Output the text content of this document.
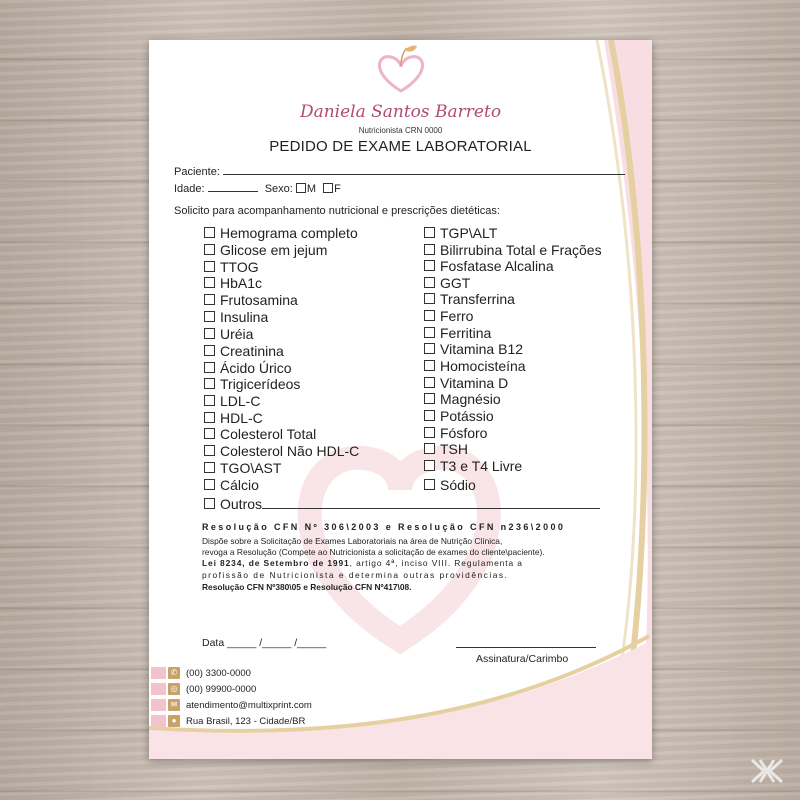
Daniela Santos Barreto
Nutricionista CRN 0000
PEDIDO DE EXAME LABORATORIAL
Paciente:
Idade:	Sexo: M F
Solicito para acompanhamento nutricional e prescrições dietéticas:
Hemograma completo
Glicose em jejum
TTOG
HbA1c
Frutosamina
Insulina
Uréia
Creatinina
Ácido Úrico
Trigicerídeos
LDL-C
HDL-C
Colesterol Total
Colesterol Não HDL-C
TGO\AST
Cálcio
Outros
TGP\ALT
Bilirrubina Total e Frações
Fosfatase Alcalina
GGT
Transferrina
Ferro
Ferritina
Vitamina B12
Homocisteína
Vitamina D
Magnésio
Potássio
Fósforo
TSH
T3 e T4 Livre
Sódio
Resolução CFN Nº 306\2003 e Resolução CFN n236\2000
Dispõe sobre a Solicitação de Exames Laboratoriais na área de Nutrição Clínica,
revoga a Resolução (Compete ao Nutricionista a solicitação de exames do cliente\paciente).
Lei 8234, de Setembro de 1991, artigo 4ª, inciso VIII. Regulamenta a
profissão de Nutricionista e determina outras providências.
Resolução CFN Nº380\05 e Resolução CFN Nº417\08.
Data _____ /_____ /_____
Assinatura/Carimbo
✆ (00) 3300-0000
◎ (00) 99900-0000
✉ atendimento@multixprint.com
●	Rua Brasil, 123 - Cidade/BR
